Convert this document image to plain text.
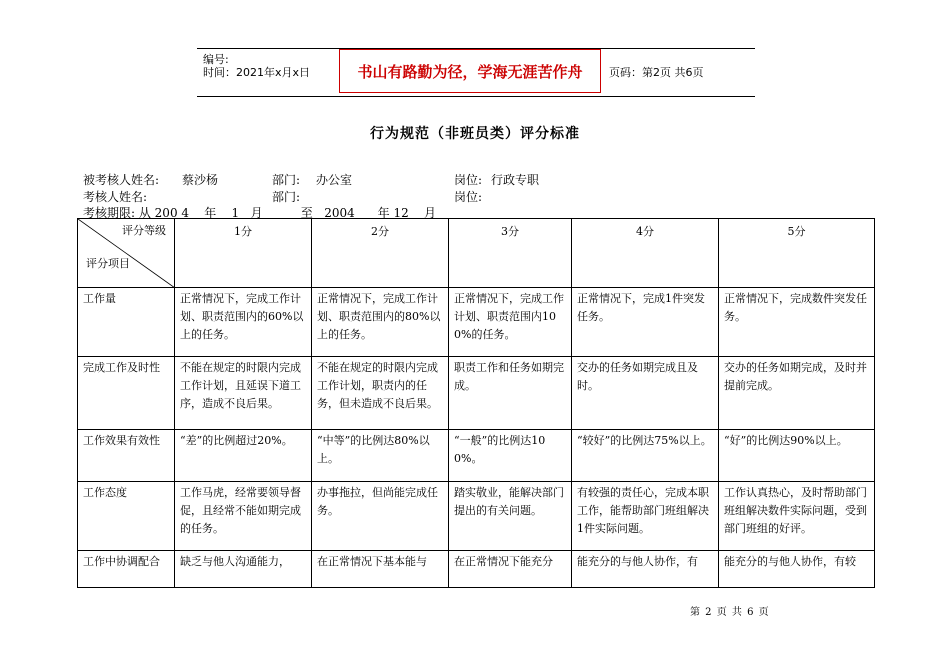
编号:
时间：2021年x月x日	书山有路勤为径，学海无涯苦作舟	页码：第2页 共6页
行为规范（非班员类）评分标准
被考核人姓名: 蔡沙杨	部门: 办公室	岗位: 行政专职
考核人姓名:	部门:	岗位:
考核期限: 从 200 4    年    1   月          至   2004      年 12    月
评分等级
评分项目	1分	2分	3分	4分	5分
工作量	正常情况下，完成工作计划、职责范围内的60%以上的任务。	正常情况下，完成工作计划、职责范围内的80%以上的任务。	正常情况下，完成工作计划、职责范围内100%的任务。	正常情况下，完成1件突发任务。	正常情况下，完成数件突发任务。
完成工作及时性	不能在规定的时限内完成工作计划，且延误下道工序，造成不良后果。	不能在规定的时限内完成工作计划，职责内的任务，但未造成不良后果。	职责工作和任务如期完成。	交办的任务如期完成且及时。	交办的任务如期完成，及时并提前完成。
工作效果有效性	“差”的比例超过20%。	“中等”的比例达80%以上。	“一般”的比例达100%。	“较好”的比例达75%以上。	“好”的比例达90%以上。
工作态度	工作马虎，经常要领导督促，且经常不能如期完成的任务。	办事拖拉，但尚能完成任务。	踏实敬业，能解决部门提出的有关问题。	有较强的责任心，完成本职工作，能帮助部门班组解决1件实际问题。	工作认真热心，及时帮助部门班组解决数件实际问题，受到部门班组的好评。
工作中协调配合	缺乏与他人沟通能力，	在正常情况下基本能与	在正常情况下能充分	能充分的与他人协作，有	能充分的与他人协作，有较
第 2 页 共 6 页
